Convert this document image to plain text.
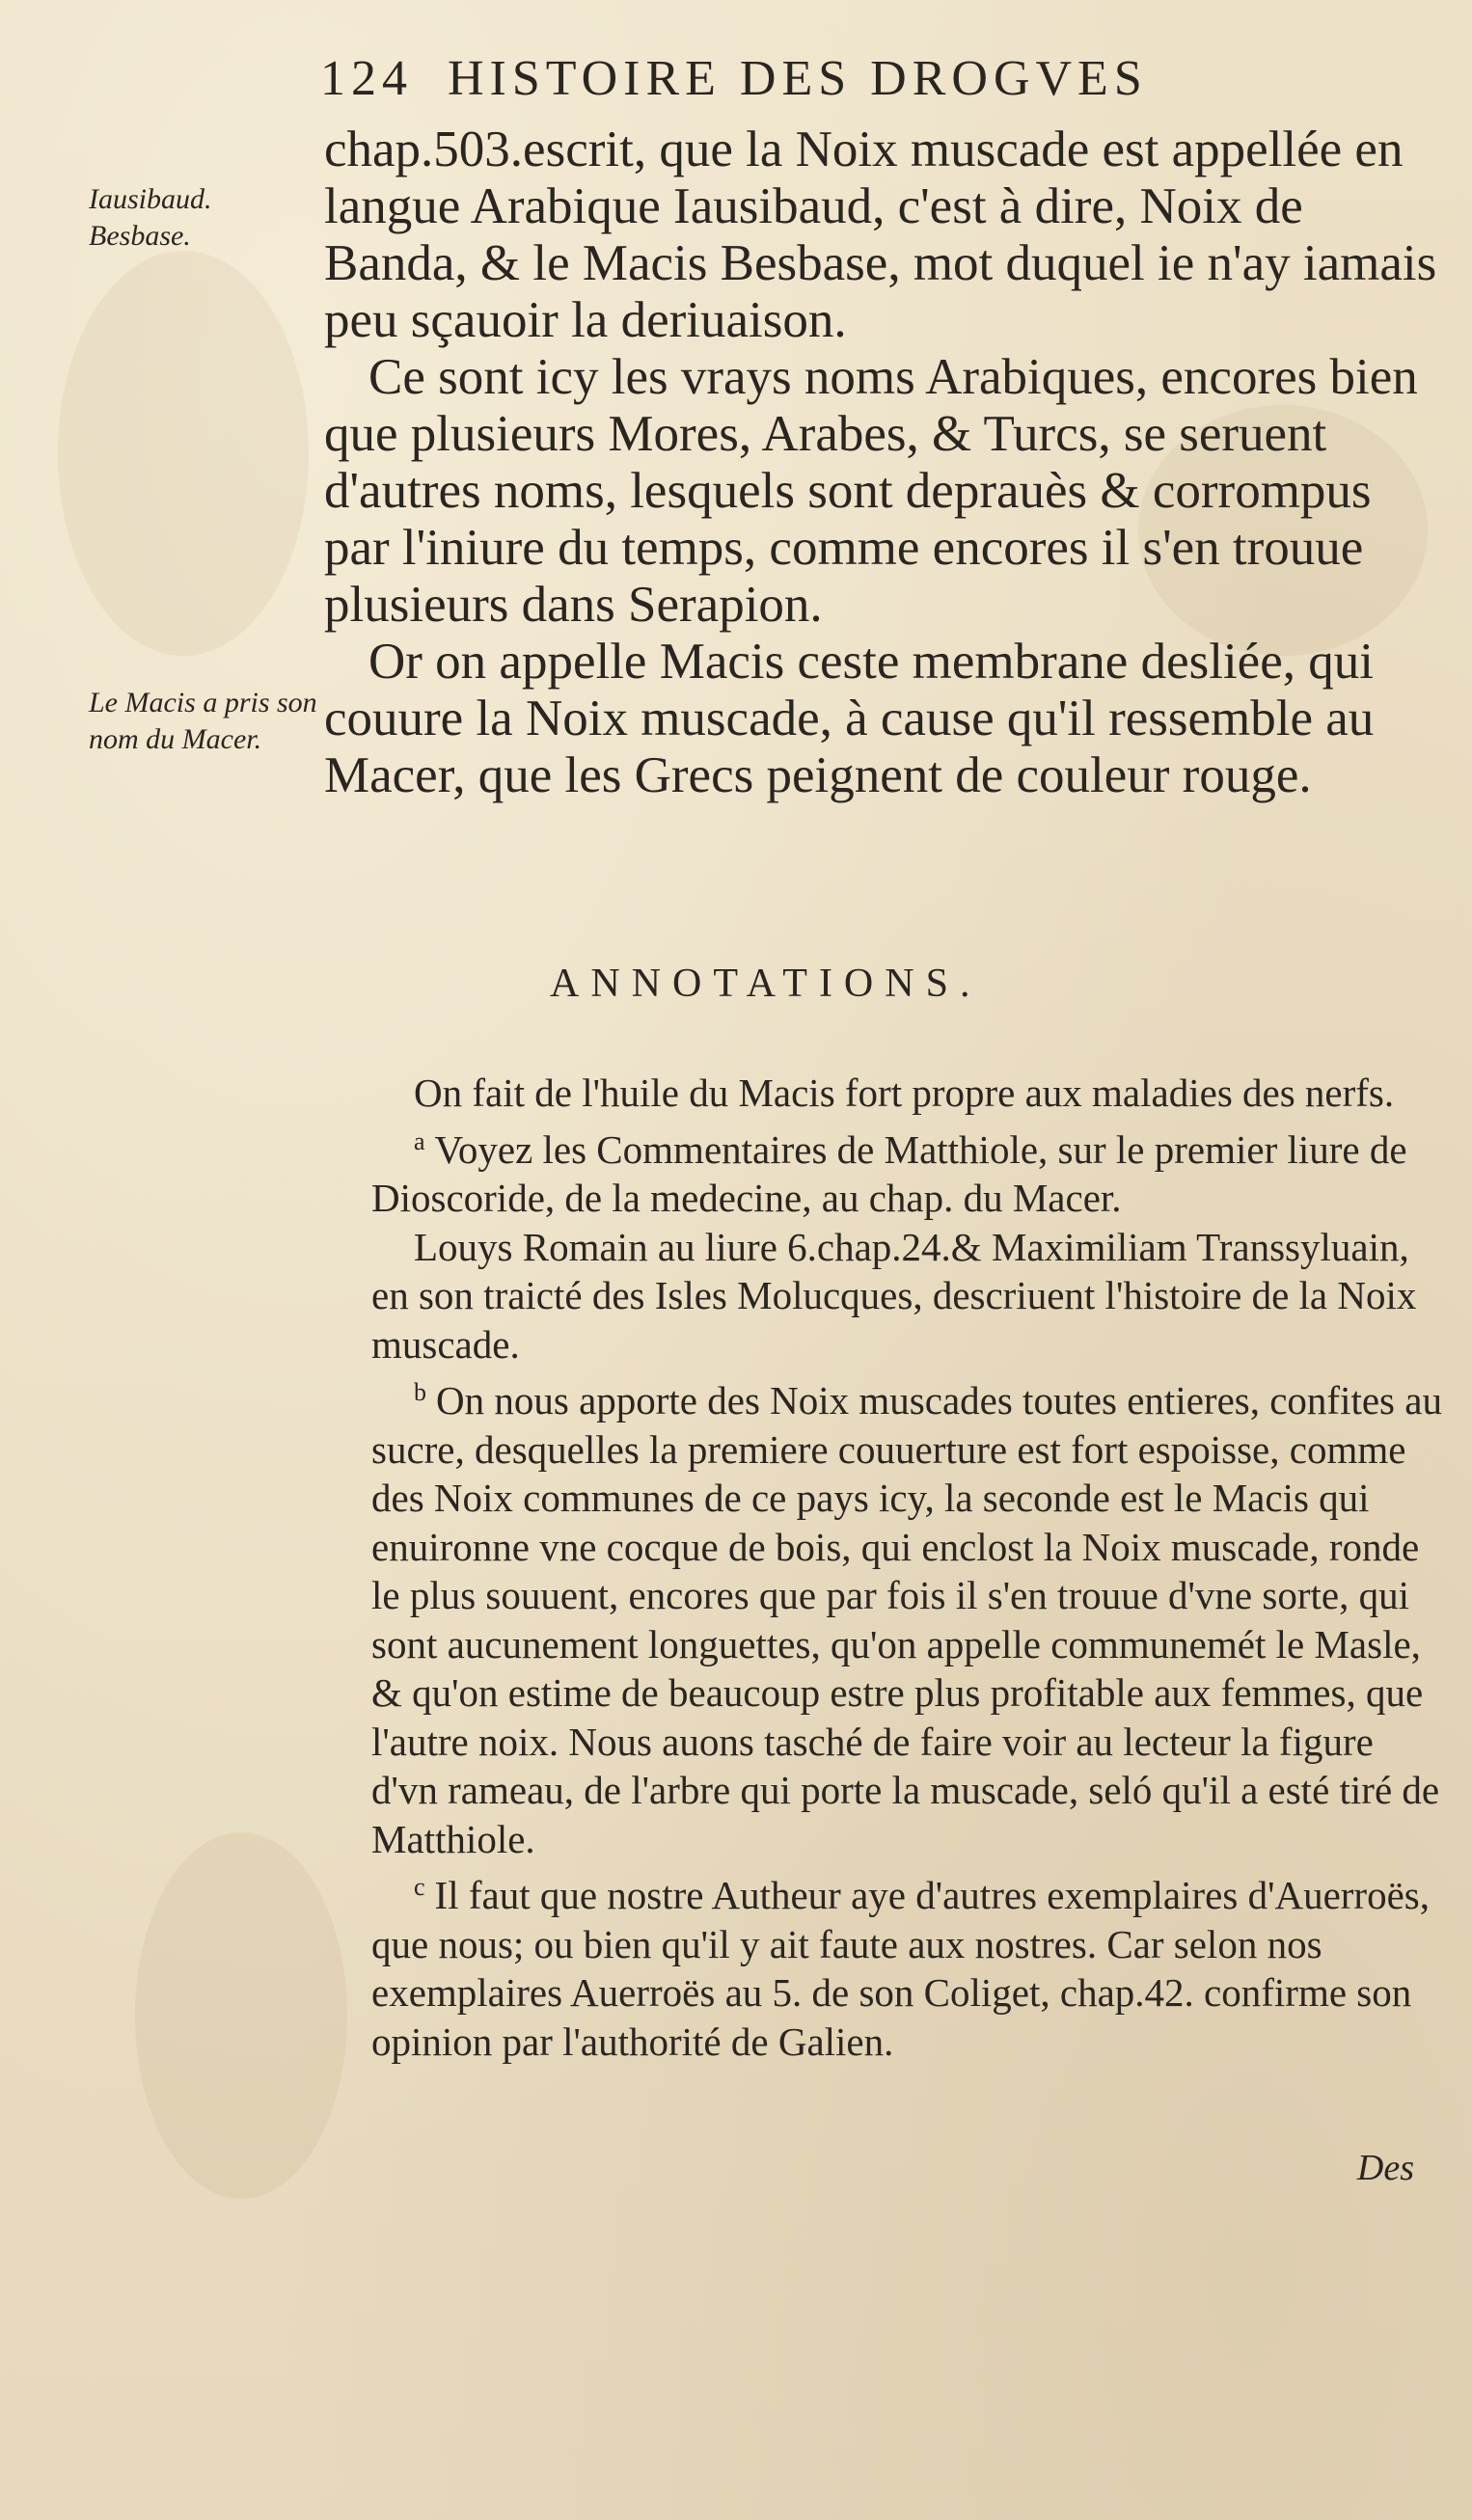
124 HISTOIRE DES DROGVES
Iausibaud. Besbase.
Le Macis a pris son nom du Macer.

chap.503.escrit, que la Noix muscade est appellée en langue Arabique Iausibaud, c'est à dire, Noix de Banda, & le Macis Besbase, mot duquel ie n'ay iamais peu sçauoir la deriuaison.

Ce sont icy les vrays noms Arabiques, encores bien que plusieurs Mores, Arabes, & Turcs, se seruent d'autres noms, lesquels sont deprauès & corrompus par l'iniure du temps, comme encores il s'en trouue plusieurs dans Serapion.

Or on appelle Macis ceste membrane desliée, qui couure la Noix muscade, à cause qu'il ressemble au Macer, que les Grecs peignent de couleur rouge.

ANNOTATIONS.

On fait de l'huile du Macis fort propre aux maladies des nerfs.

$^a$ Voyez les Commentaires de Matthiole, sur le premier liure de Dioscoride, de la medecine, au chap. du Macer.

Louys Romain au liure 6.chap.24.& Maximiliam Transsyluain, en son traicté des Isles Molucques, descriuent l'histoire de la Noix muscade.

$^b$ On nous apporte des Noix muscades toutes entieres, confites au sucre, desquelles la premiere couuerture est fort espoisse, comme des Noix communes de ce pays icy, la seconde est le Macis qui enuironne vne cocque de bois, qui enclost la Noix muscade, ronde le plus souuent, encores que par fois il s'en trouue d'vne sorte, qui sont aucunement longuettes, qu'on appelle communemét le Masle, & qu'on estime de beaucoup estre plus profitable aux femmes, que l'autre noix. Nous auons tasché de faire voir au lecteur la figure d'vn rameau, de l'arbre qui porte la muscade, seló qu'il a esté tiré de Matthiole.

$^c$ Il faut que nostre Autheur aye d'autres exemplaires d'Auerroës, que nous; ou bien qu'il y ait faute aux nostres. Car selon nos exemplaires Auerroës au 5. de son Coliget, chap.42. confirme son opinion par l'authorité de Galien.

Des
